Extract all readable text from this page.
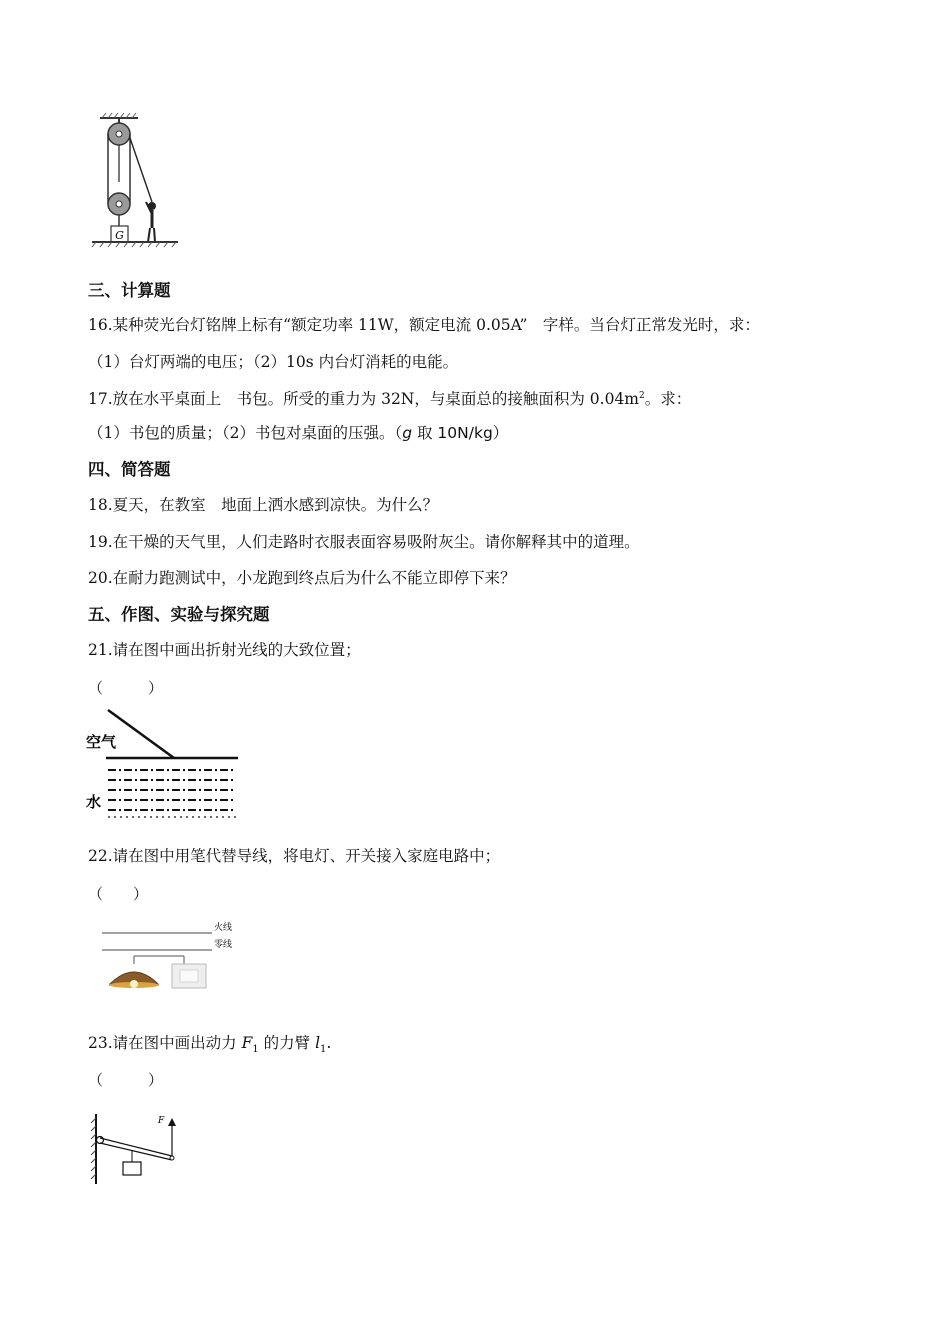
G
三、计算题
16.某种荧光台灯铭牌上标有“额定功率 11W，额定电流 0.05A”　字样。当台灯正常发光时，求：
（1）台灯两端的电压；（2）10s 内台灯消耗的电能。
17.放在水平桌面上　书包。所受的重力为 32N，与桌面总的接触面积为 $0.04m^2$。求：
（1）书包的质量；（2）书包对桌面的压强。（g 取 10N/kg）
四、简答题
18.夏天，在教室　地面上洒水感到凉快。为什么？
19.在干燥的天气里，人们走路时衣服表面容易吸附灰尘。请你解释其中的道理。
20.在耐力跑测试中，小龙跑到终点后为什么不能立即停下来？
五、作图、实验与探究题
21.请在图中画出折射光线的大致位置；
（　　　）
空气
水
22.请在图中用笔代替导线，将电灯、开关接入家庭电路中；
（　　）
火线
零线
23.请在图中画出动力 $F_1$ 的力臂 $l_1$.
（　　　）
F
